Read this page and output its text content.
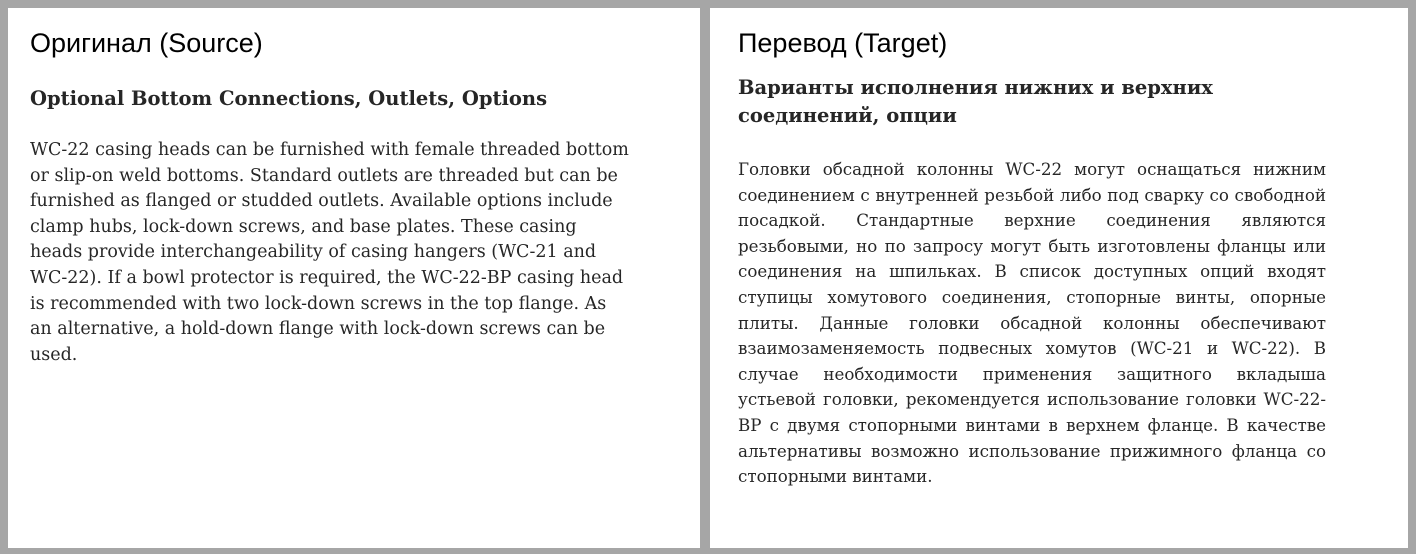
Оригинал (Source)
Optional Bottom Connections, Outlets, Options

WC-22 casing heads can be furnished with female threaded bottom or slip-on weld bottoms. Standard outlets are threaded but can be furnished as flanged or studded outlets. Available options include clamp hubs, lock-down screws, and base plates. These casing heads provide interchangeability of casing hangers (WC-21 and WC-22). If a bowl protector is required, the WC-22-BP casing head is recommended with two lock-down screws in the top flange. As an alternative, a hold-down flange with lock-down screws can be used.

Перевод (Target)
Варианты исполнения нижних и верхних соединений, опции

Головки обсадной колонны WC-22 могут оснащаться нижним соединением с внутренней резьбой либо под сварку со свободной посадкой. Стандартные верхние соединения являются резьбовыми, но по запросу могут быть изготовлены фланцы или соединения на шпильках. В список доступных опций входят ступицы хомутового соединения, стопорные винты, опорные плиты. Данные головки обсадной колонны обеспечивают взаимозаменяемость подвесных хомутов (WC-21 и WC-22). В случае необходимости применения защитного вкладыша устьевой головки, рекомендуется использование головки WC-22-BP с двумя стопорными винтами в верхнем фланце. В качестве альтернативы возможно использование прижимного фланца со стопорными винтами.
